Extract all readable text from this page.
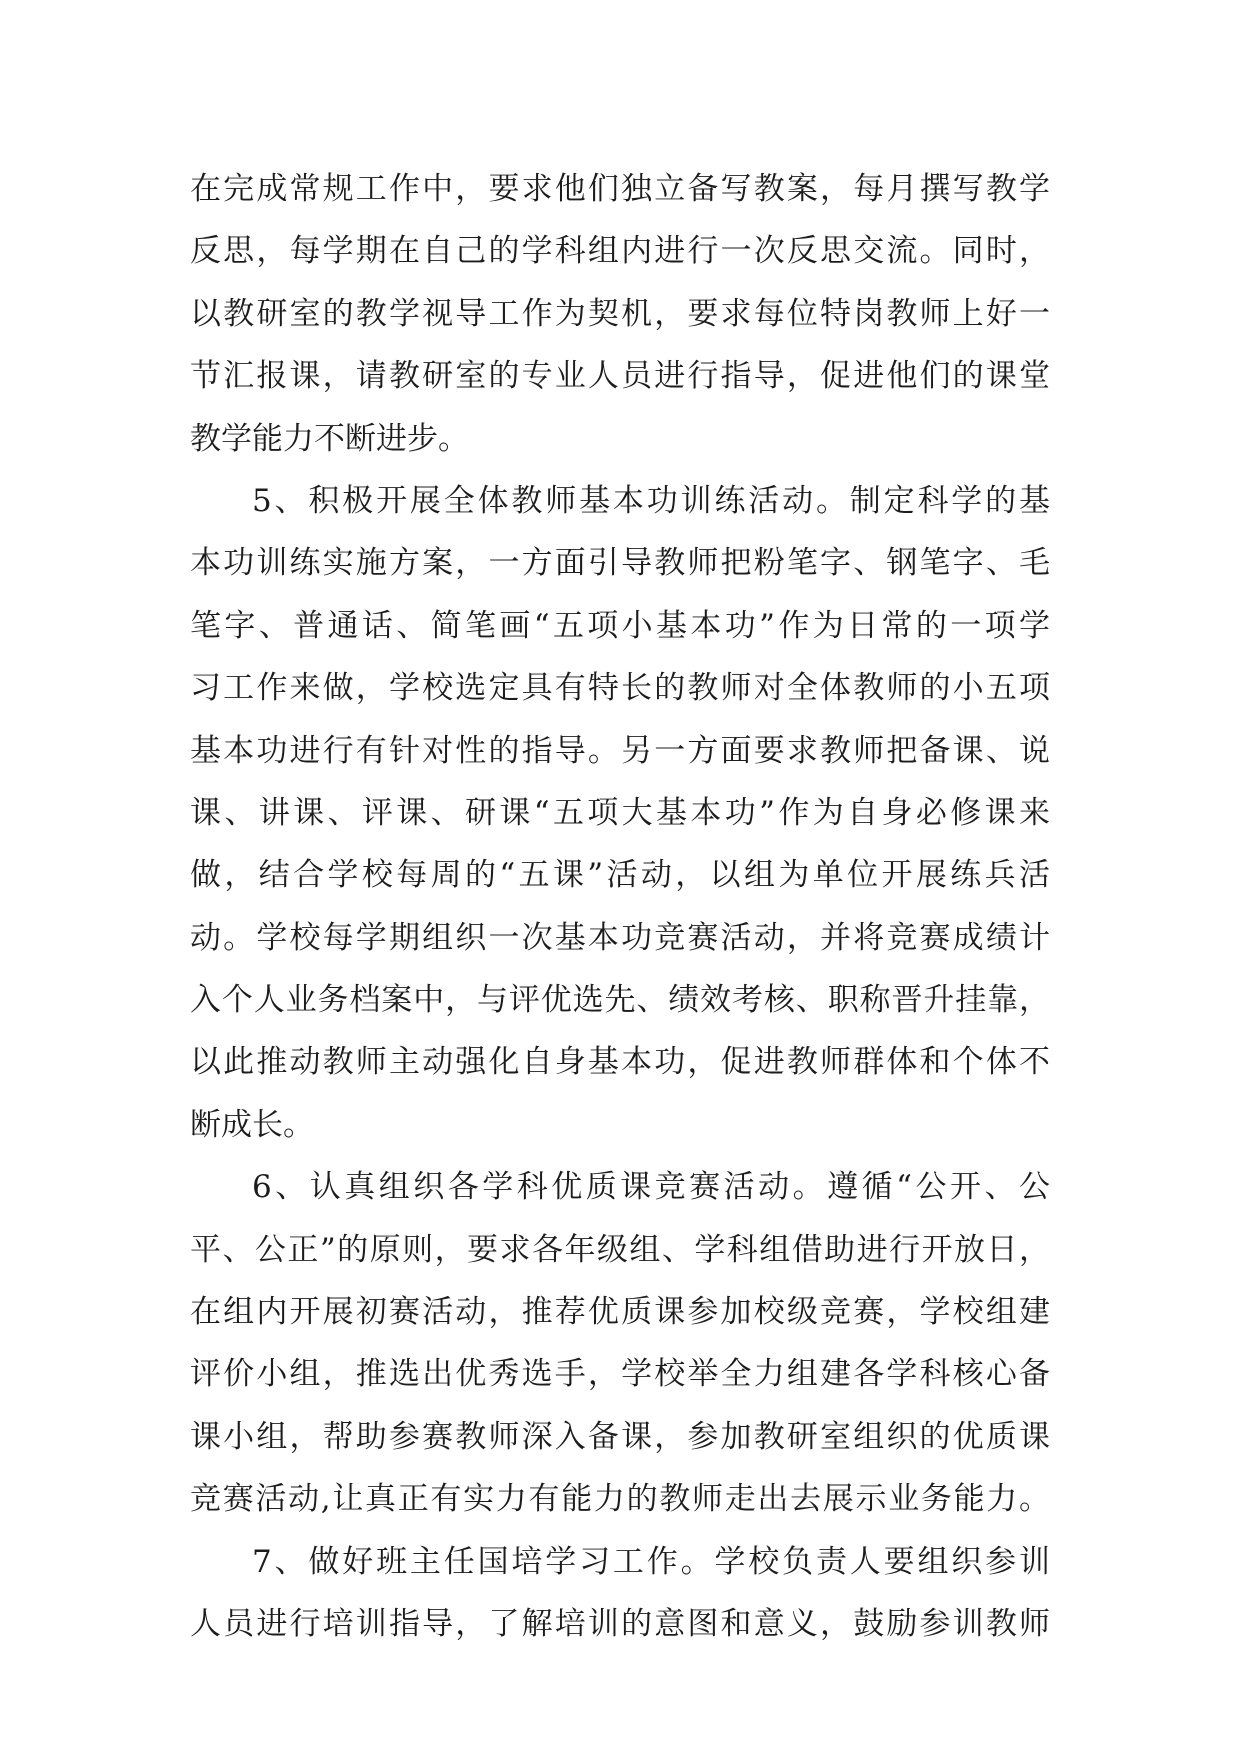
在完成常规工作中，要求他们独立备写教案，每月撰写教学
反思，每学期在自己的学科组内进行一次反思交流。同时，
以教研室的教学视导工作为契机，要求每位特岗教师上好一
节汇报课，请教研室的专业人员进行指导，促进他们的课堂
教学能力不断进步。
5、积极开展全体教师基本功训练活动。制定科学的基
本功训练实施方案，一方面引导教师把粉笔字、钢笔字、毛
笔字、普通话、简笔画“五项小基本功”作为日常的一项学
习工作来做，学校选定具有特长的教师对全体教师的小五项
基本功进行有针对性的指导。另一方面要求教师把备课、说
课、讲课、评课、研课“五项大基本功”作为自身必修课来
做，结合学校每周的“五课”活动，以组为单位开展练兵活
动。学校每学期组织一次基本功竞赛活动，并将竞赛成绩计
入个人业务档案中，与评优选先、绩效考核、职称晋升挂靠，
以此推动教师主动强化自身基本功，促进教师群体和个体不
断成长。
6、认真组织各学科优质课竞赛活动。遵循“公开、公
平、公正”的原则，要求各年级组、学科组借助进行开放日，
在组内开展初赛活动，推荐优质课参加校级竞赛，学校组建
评价小组，推选出优秀选手，学校举全力组建各学科核心备
课小组，帮助参赛教师深入备课，参加教研室组织的优质课
竞赛活动,让真正有实力有能力的教师走出去展示业务能力。
7、做好班主任国培学习工作。学校负责人要组织参训
人员进行培训指导，了解培训的意图和意义，鼓励参训教师
